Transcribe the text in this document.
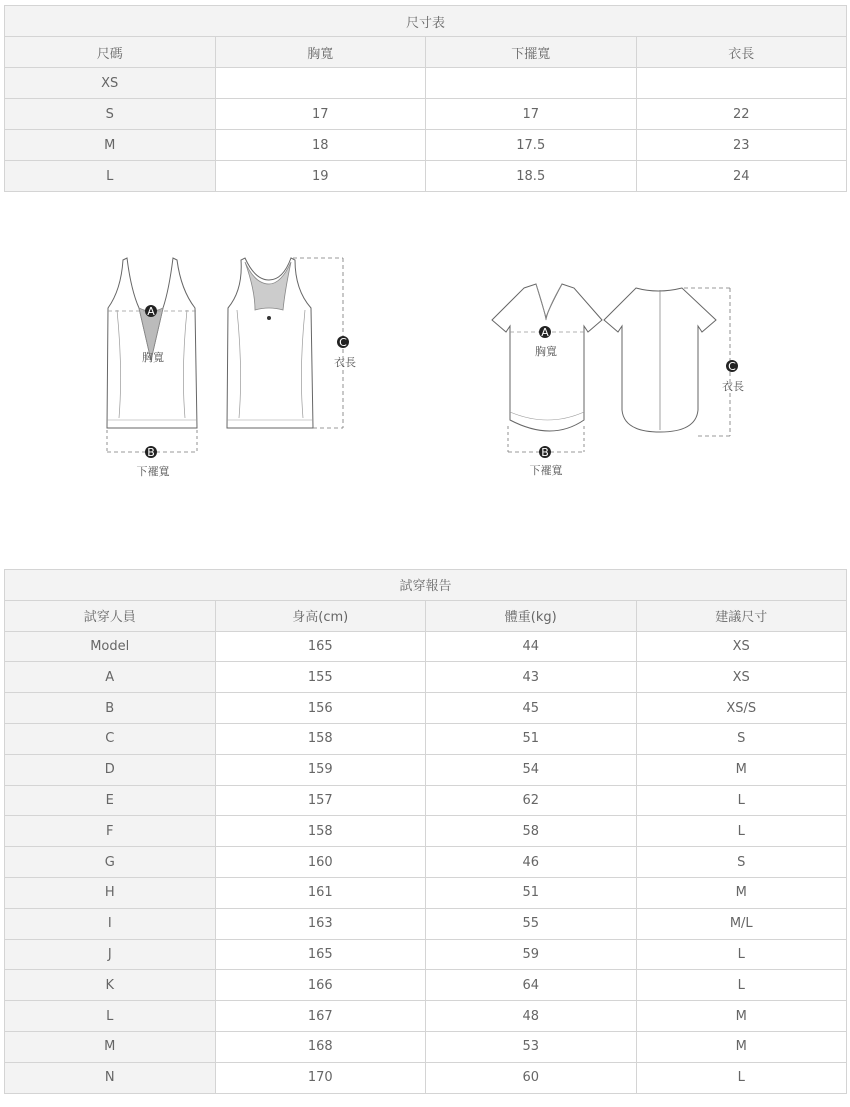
尺寸表			
尺碼	胸寬	下擺寬	衣長
XS			
S	17	17	22
M	18	17.5	23
L	19	18.5	24
A
胸寬
B
下襬寬
C
衣長
A
胸寬
B
下襬寬
C
衣長
試穿報告			
試穿人員	身高(cm)	體重(kg)	建議尺寸
Model	165	44	XS
A	155	43	XS
B	156	45	XS/S
C	158	51	S
D	159	54	M
E	157	62	L
F	158	58	L
G	160	46	S
H	161	51	M
I	163	55	M/L
J	165	59	L
K	166	64	L
L	167	48	M
M	168	53	M
N	170	60	L
